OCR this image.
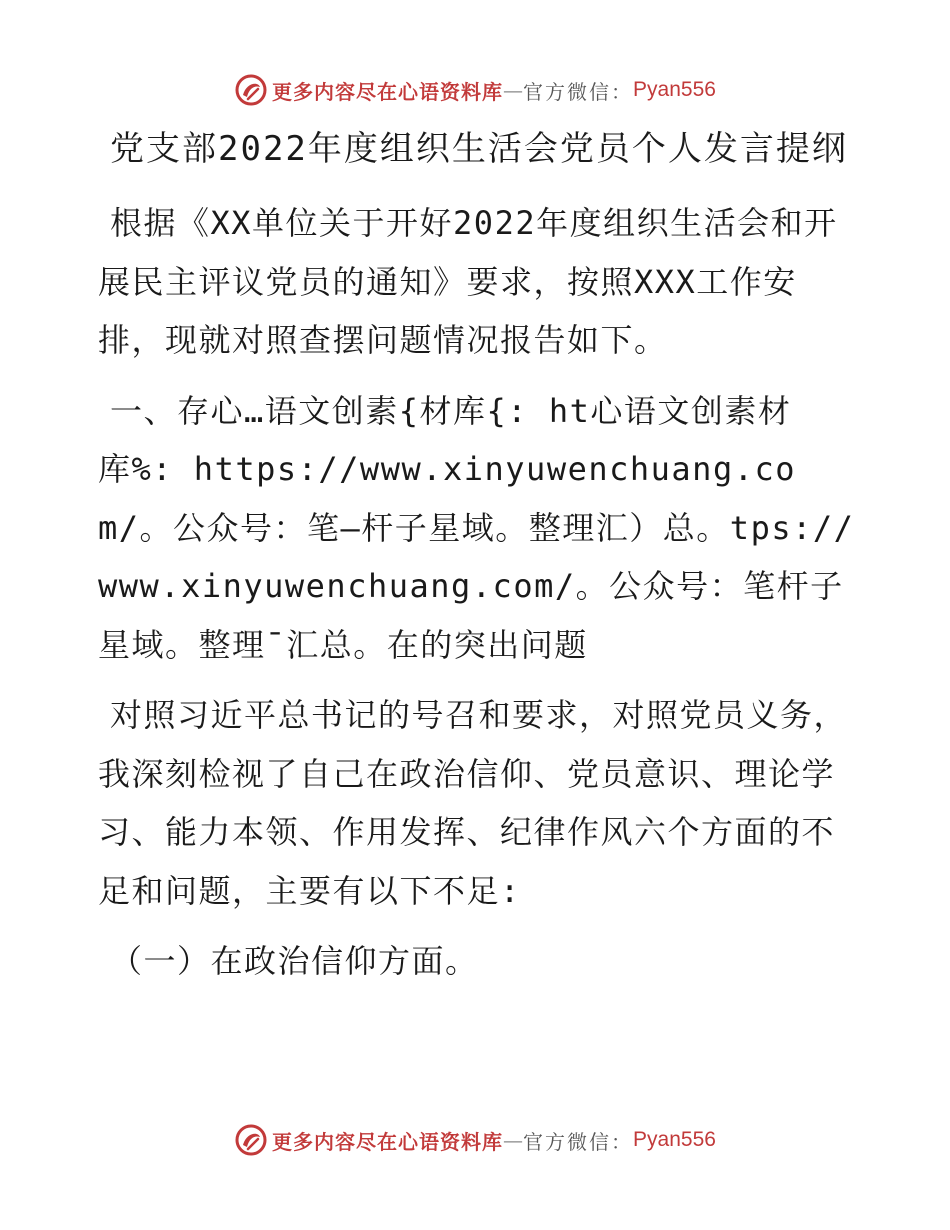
更多内容尽在心语资料库 — 官方微信： Pyan556
党支部2022年度组织生活会党员个人发言提纲

根据《XX单位关于开好2022年度组织生活会和开展民主评议党员的通知》要求，按照XXX工作安排，现就对照查摆问题情况报告如下。

一、存心…语文创素{材库{: ht心语文创素材库%: https://www.xinyuwenchuang.com/。公众号：笔—杆子星域。整理汇）总。tps://www.xinyuwenchuang.com/。公众号：笔杆子星域。整理¯汇总。在的突出问题

对照习近平总书记的号召和要求，对照党员义务，我深刻检视了自己在政治信仰、党员意识、理论学习、能力本领、作用发挥、纪律作风六个方面的不足和问题，主要有以下不足:

（一）在政治信仰方面。

更多内容尽在心语资料库 — 官方微信： Pyan556
